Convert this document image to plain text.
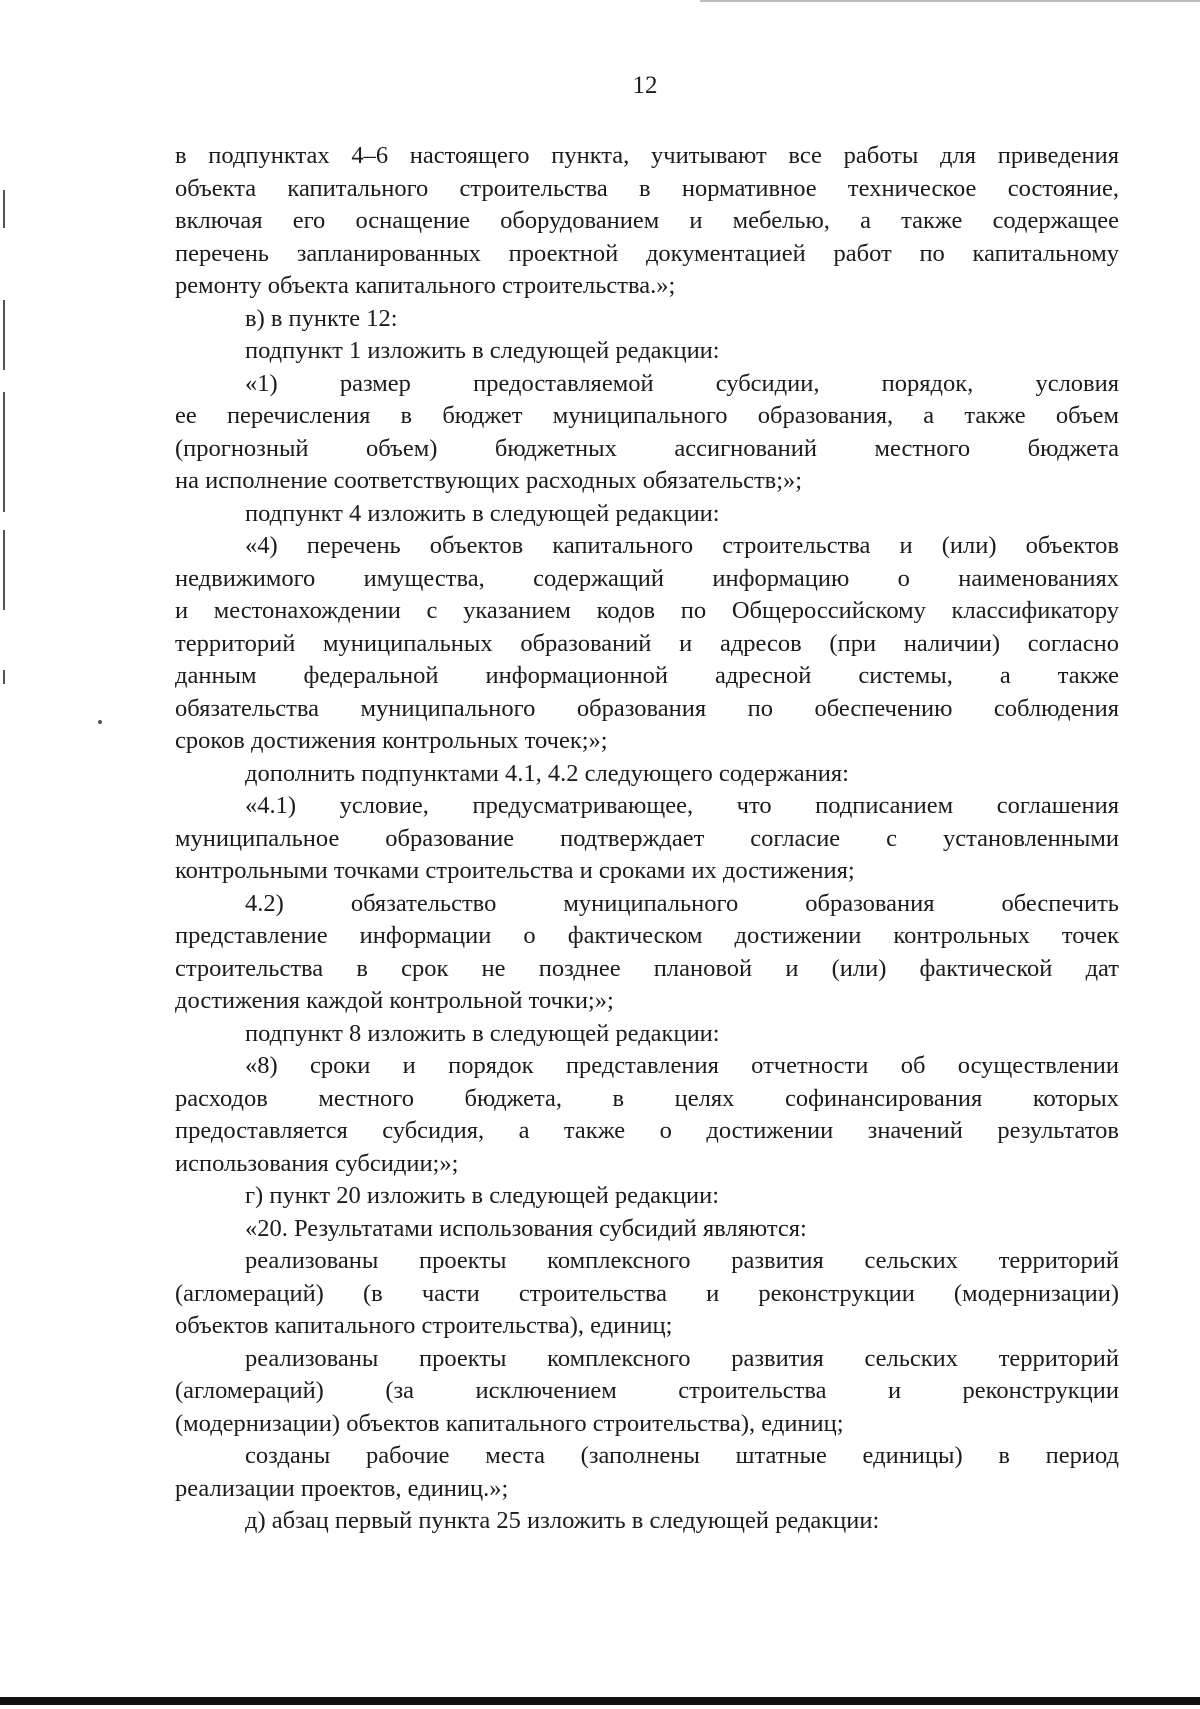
12
в подпунктах 4–6 настоящего пункта, учитывают все работы для приведения
объекта капитального строительства в нормативное техническое состояние,
включая его оснащение оборудованием и мебелью, а также содержащее
перечень запланированных проектной документацией работ по капитальному
ремонту объекта капитального строительства.»;
в) в пункте 12:
подпункт 1 изложить в следующей редакции:
«1) размер предоставляемой субсидии, порядок, условия
ее перечисления в бюджет муниципального образования, а также объем
(прогнозный объем) бюджетных ассигнований местного бюджета
на исполнение соответствующих расходных обязательств;»;
подпункт 4 изложить в следующей редакции:
«4) перечень объектов капитального строительства и (или) объектов
недвижимого имущества, содержащий информацию о наименованиях
и местонахождении с указанием кодов по Общероссийскому классификатору
территорий муниципальных образований и адресов (при наличии) согласно
данным федеральной информационной адресной системы, а также
обязательства муниципального образования по обеспечению соблюдения
сроков достижения контрольных точек;»;
дополнить подпунктами 4.1, 4.2 следующего содержания:
«4.1) условие, предусматривающее, что подписанием соглашения
муниципальное образование подтверждает согласие с установленными
контрольными точками строительства и сроками их достижения;
4.2) обязательство муниципального образования обеспечить
представление информации о фактическом достижении контрольных точек
строительства в срок не позднее плановой и (или) фактической дат
достижения каждой контрольной точки;»;
подпункт 8 изложить в следующей редакции:
«8) сроки и порядок представления отчетности об осуществлении
расходов местного бюджета, в целях софинансирования которых
предоставляется субсидия, а также о достижении значений результатов
использования субсидии;»;
г) пункт 20 изложить в следующей редакции:
«20. Результатами использования субсидий являются:
реализованы проекты комплексного развития сельских территорий
(агломераций) (в части строительства и реконструкции (модернизации)
объектов капитального строительства), единиц;
реализованы проекты комплексного развития сельских территорий
(агломераций) (за исключением строительства и реконструкции
(модернизации) объектов капитального строительства), единиц;
созданы рабочие места (заполнены штатные единицы) в период
реализации проектов, единиц.»;
д) абзац первый пункта 25 изложить в следующей редакции:
